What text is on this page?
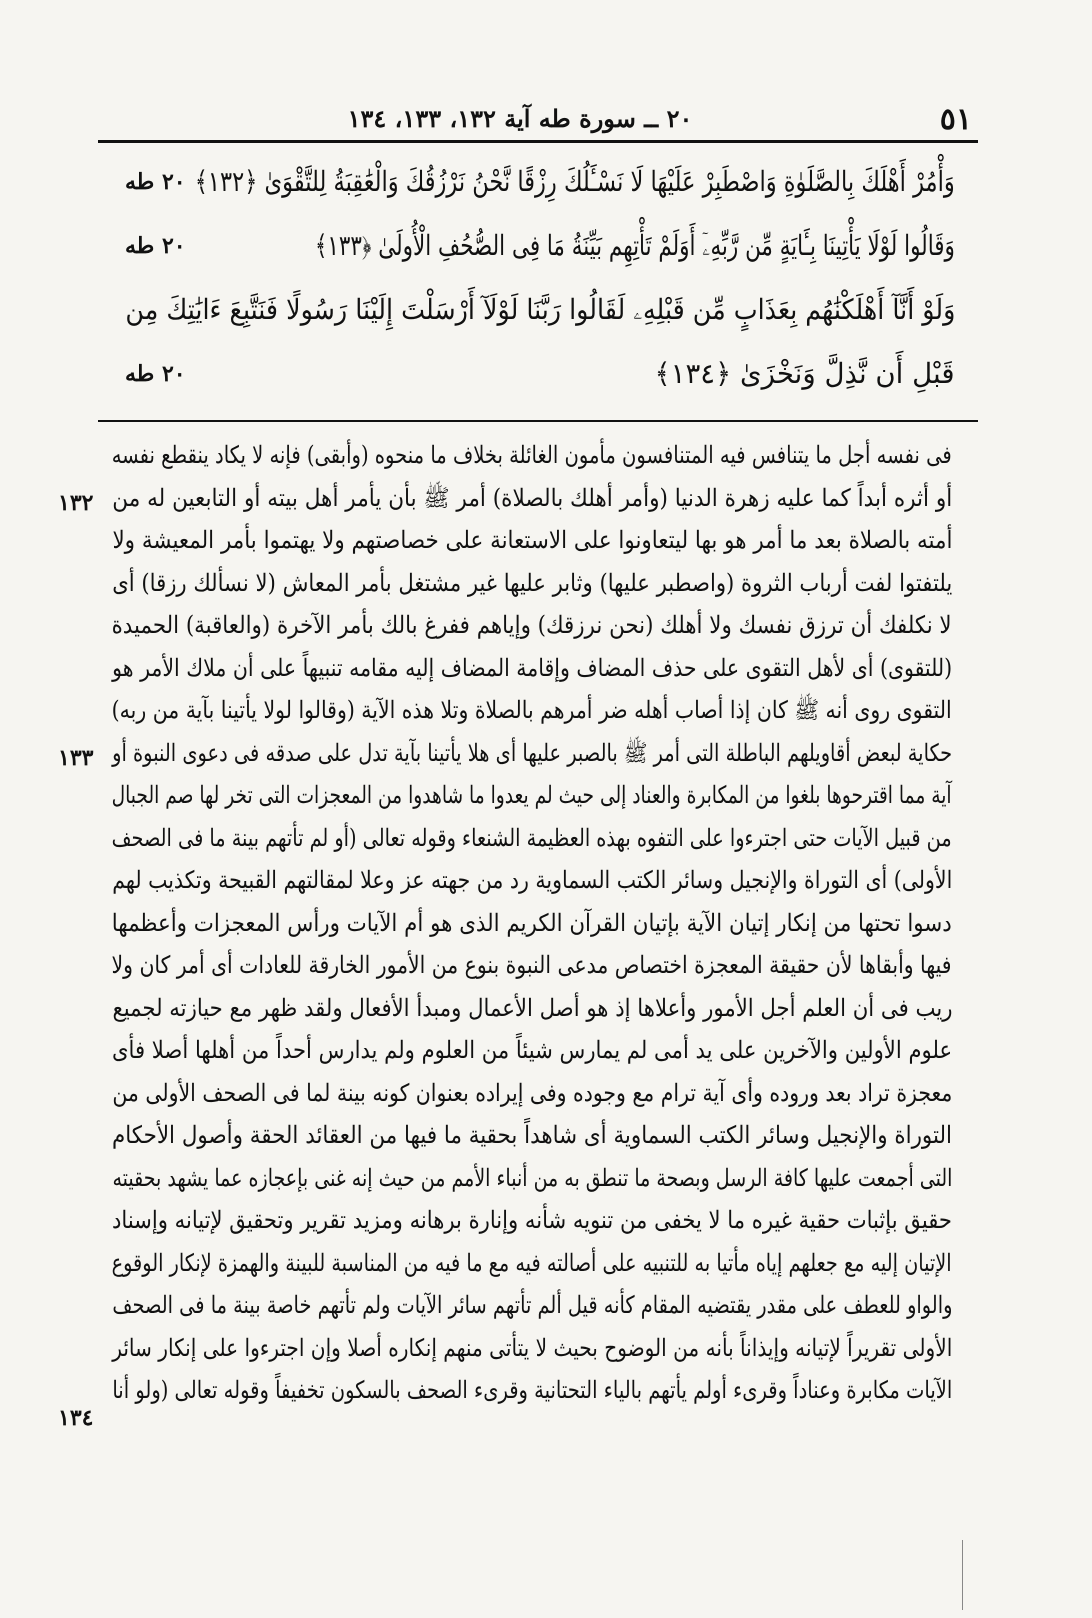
٥١
٢٠ ــ سورة طه آية ١٣٢، ١٣٣، ١٣٤
وَأْمُرْ أَهْلَكَ بِالصَّلَوٰةِ وَاصْطَبِرْ عَلَيْهَا لَا نَسْـَٔلُكَ رِزْقًا نَّحْنُ نَرْزُقُكَ وَالْعَٰقِبَةُ لِلتَّقْوَىٰ ﴿١٣٢﴾
٢٠ طه
وَقَالُوا لَوْلَا يَأْتِينَا بِـَٔايَةٍ مِّن رَّبِّهِۦٓ أَوَلَمْ تَأْتِهِم بَيِّنَةُ مَا فِى الصُّحُفِ الْأُولَىٰ ﴿١٣٣﴾
٢٠ طه
وَلَوْ أَنَّآ أَهْلَكْنَٰهُم بِعَذَابٍ مِّن قَبْلِهِۦ لَقَالُوا رَبَّنَا لَوْلَآ أَرْسَلْتَ إِلَيْنَا رَسُولًا فَنَتَّبِعَ ءَايَٰتِكَ مِن
قَبْلِ أَن نَّذِلَّ وَنَخْزَىٰ ﴿١٣٤﴾
٢٠ طه
فى نفسه أجل ما يتنافس فيه المتنافسون مأمون الغائلة بخلاف ما منحوه (وأبقى) فإنه لا يكاد ينقطع نفسه
أو أثره أبداً كما عليه زهرة الدنيا (وأمر أهلك بالصلاة) أمر ﷺ بأن يأمر أهل بيته أو التابعين له من
أمته بالصلاة بعد ما أمر هو بها ليتعاونوا على الاستعانة على خصاصتهم ولا يهتموا بأمر المعيشة ولا
يلتفتوا لفت أرباب الثروة (واصطبر عليها) وثابر عليها غير مشتغل بأمر المعاش (لا نسألك رزقا) أى
لا نكلفك أن ترزق نفسك ولا أهلك (نحن نرزقك) وإياهم ففرغ بالك بأمر الآخرة (والعاقبة) الحميدة
(للتقوى) أى لأهل التقوى على حذف المضاف وإقامة المضاف إليه مقامه تنبيهاً على أن ملاك الأمر هو
التقوى روى أنه ﷺ كان إذا أصاب أهله ضر أمرهم بالصلاة وتلا هذه الآية (وقالوا لولا يأتينا بآية من ربه)
حكاية لبعض أقاويلهم الباطلة التى أمر ﷺ بالصبر عليها أى هلا يأتينا بآية تدل على صدقه فى دعوى النبوة أو
آية مما اقترحوها بلغوا من المكابرة والعناد إلى حيث لم يعدوا ما شاهدوا من المعجزات التى تخر لها صم الجبال
من قبيل الآيات حتى اجترءوا على التفوه بهذه العظيمة الشنعاء وقوله تعالى (أو لم تأتهم بينة ما فى الصحف
الأولى) أى التوراة والإنجيل وسائر الكتب السماوية رد من جهته عز وعلا لمقالتهم القبيحة وتكذيب لهم
دسوا تحتها من إنكار إتيان الآية بإتيان القرآن الكريم الذى هو أم الآيات ورأس المعجزات وأعظمها
فيها وأبقاها لأن حقيقة المعجزة اختصاص مدعى النبوة بنوع من الأمور الخارقة للعادات أى أمر كان ولا
ريب فى أن العلم أجل الأمور وأعلاها إذ هو أصل الأعمال ومبدأ الأفعال ولقد ظهر مع حيازته لجميع
علوم الأولين والآخرين على يد أمى لم يمارس شيئاً من العلوم ولم يدارس أحداً من أهلها أصلا فأى
معجزة تراد بعد وروده وأى آية ترام مع وجوده وفى إيراده بعنوان كونه بينة لما فى الصحف الأولى من
التوراة والإنجيل وسائر الكتب السماوية أى شاهداً بحقية ما فيها من العقائد الحقة وأصول الأحكام
التى أجمعت عليها كافة الرسل وبصحة ما تنطق به من أنباء الأمم من حيث إنه غنى بإعجازه عما يشهد بحقيته
حقيق بإثبات حقية غيره ما لا يخفى من تنويه شأنه وإنارة برهانه ومزيد تقرير وتحقيق لإتيانه وإسناد
الإتيان إليه مع جعلهم إياه مأتيا به للتنبيه على أصالته فيه مع ما فيه من المناسبة للبينة والهمزة لإنكار الوقوع
والواو للعطف على مقدر يقتضيه المقام كأنه قيل ألم تأتهم سائر الآيات ولم تأتهم خاصة بينة ما فى الصحف
الأولى تقريراً لإتيانه وإيذاناً بأنه من الوضوح بحيث لا يتأتى منهم إنكاره أصلا وإن اجترءوا على إنكار سائر
الآيات مكابرة وعناداً وقرىء أولم يأتهم بالياء التحتانية وقرىء الصحف بالسكون تخفيفاً وقوله تعالى (ولو أنا
١٣٢
١٣٣
١٣٤
